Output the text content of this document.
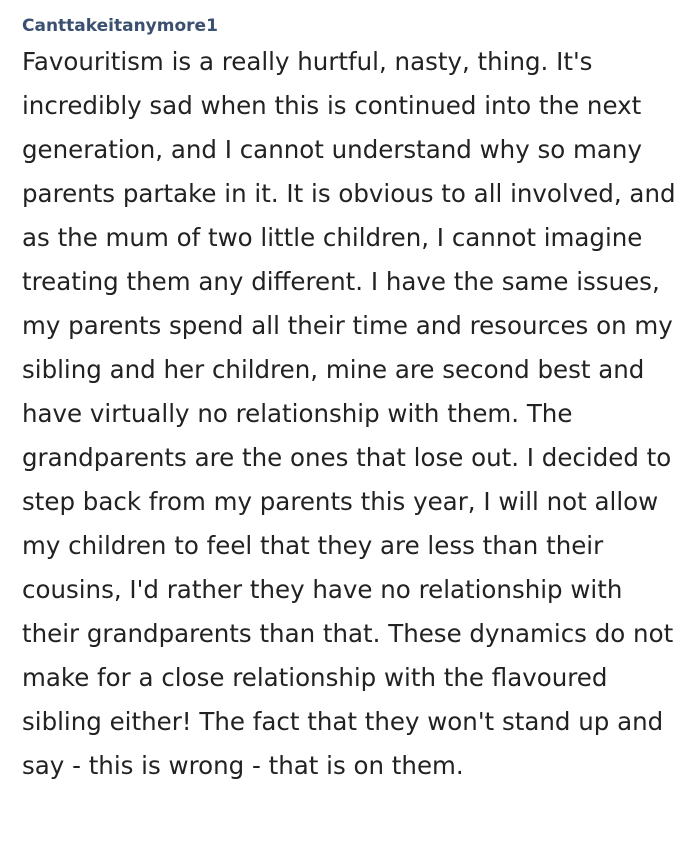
Canttakeitanymore1

Favouritism is a really hurtful, nasty, thing. It's incredibly sad when this is continued into the next generation, and I cannot understand why so many parents partake in it. It is obvious to all involved, and as the mum of two little children, I cannot imagine treating them any different. I have the same issues, my parents spend all their time and resources on my sibling and her children, mine are second best and have virtually no relationship with them. The grandparents are the ones that lose out. I decided to step back from my parents this year, I will not allow my children to feel that they are less than their cousins, I'd rather they have no relationship with their grandparents than that. These dynamics do not make for a close relationship with the flavoured sibling either! The fact that they won't stand up and say - this is wrong - that is on them.
